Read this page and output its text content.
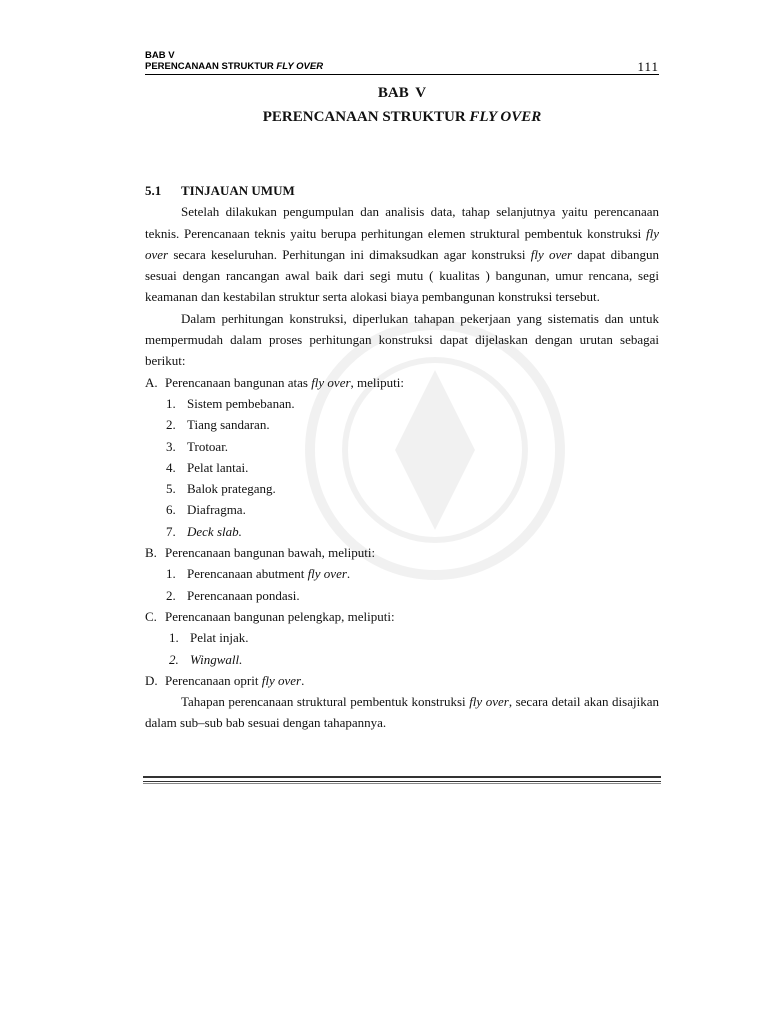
BAB V
PERENCANAAN STRUKTUR FLY OVER	111
BAB V
PERENCANAAN STRUKTUR FLY OVER
5.1	TINJAUAN UMUM

Setelah dilakukan pengumpulan dan analisis data, tahap selanjutnya yaitu perencanaan teknis. Perencanaan teknis yaitu berupa perhitungan elemen struktural pembentuk konstruksi fly over secara keseluruhan. Perhitungan ini dimaksudkan agar konstruksi fly over dapat dibangun sesuai dengan rancangan awal baik dari segi mutu ( kualitas ) bangunan, umur rencana, segi keamanan dan kestabilan struktur serta alokasi biaya pembangunan konstruksi tersebut.

Dalam perhitungan konstruksi, diperlukan tahapan pekerjaan yang sistematis dan untuk mempermudah dalam proses perhitungan konstruksi dapat dijelaskan dengan urutan sebagai berikut:

A. Perencanaan bangunan atas fly over, meliputi:
1. Sistem pembebanan.
2. Tiang sandaran.
3. Trotoar.
4. Pelat lantai.
5. Balok prategang.
6. Diafragma.
7. Deck slab.
B. Perencanaan bangunan bawah, meliputi:
1. Perencanaan abutment fly over.
2. Perencanaan pondasi.
C. Perencanaan bangunan pelengkap, meliputi:
1. Pelat injak.
2. Wingwall.
D. Perencanaan oprit fly over.

Tahapan perencanaan struktural pembentuk konstruksi fly over, secara detail akan disajikan dalam sub–sub bab sesuai dengan tahapannya.
